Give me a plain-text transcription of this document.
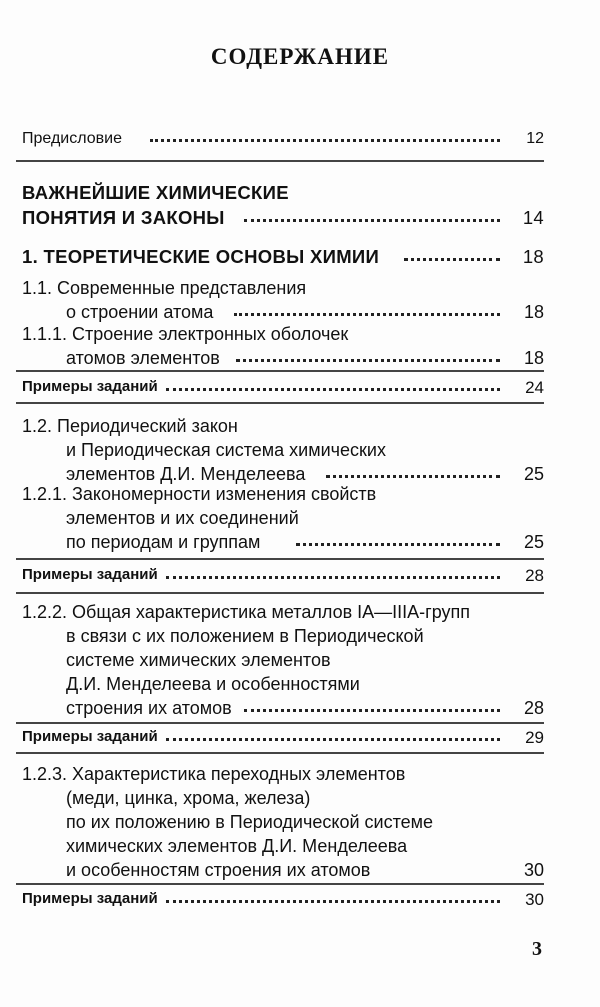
СОДЕРЖАНИЕ
Предисловие	12
ВАЖНЕЙШИЕ ХИМИЧЕСКИЕ
ПОНЯТИЯ И ЗАКОНЫ	14
1. ТЕОРЕТИЧЕСКИЕ ОСНОВЫ ХИМИИ	18
1.1. Современные представления
о строении атома	18
1.1.1. Строение электронных оболочек
атомов элементов	18
Примеры заданий	24
1.2. Периодический закон
и Периодическая система химических
элементов Д.И. Менделеева	25
1.2.1. Закономерности изменения свойств
элементов и их соединений
по периодам и группам	25
Примеры заданий	28
1.2.2. Общая характеристика металлов IA—IIIA-групп
в связи с их положением в Периодической
системе химических элементов
Д.И. Менделеева и особенностями
строения их атомов	28
Примеры заданий	29
1.2.3. Характеристика переходных элементов
(меди, цинка, хрома, железа)
по их положению в Периодической системе
химических элементов Д.И. Менделеева
и особенностям строения их атомов	30
Примеры заданий	30
3
